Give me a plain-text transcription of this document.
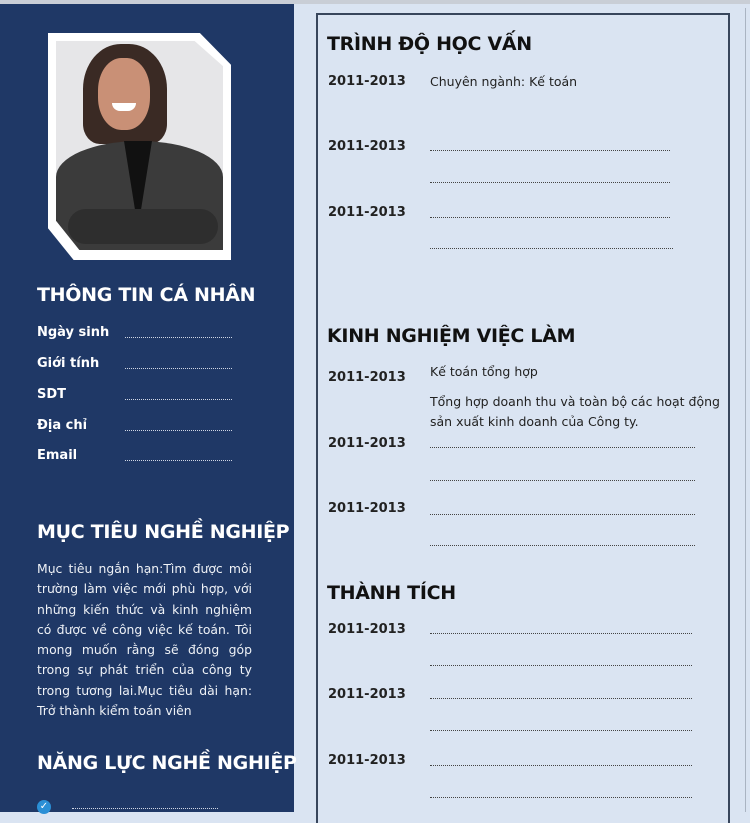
THÔNG TIN CÁ NHÂN
Ngày sinh
Giới tính
SDT
Địa chỉ
Email
MỤC TIÊU NGHỀ NGHIỆP
Mục tiêu ngắn hạn:Tìm được môi trường làm việc mới phù hợp, với những kiến thức và kinh nghiệm có được về công việc kế toán. Tôi mong muốn rằng sẽ đóng góp trong sự phát triển của công ty trong tương lai.Mục tiêu dài hạn: Trở thành kiểm toán viên
NĂNG LỰC NGHỀ NGHIỆP
✓
TRÌNH ĐỘ HỌC VẤN
2011-2013 Chuyên ngành: Kế toán
2011-2013
2011-2013
KINH NGHIỆM VIỆC LÀM
2011-2013 Kế toán tổng hợp
Tổng hợp doanh thu và toàn bộ các hoạt động
sản xuất kinh doanh của Công ty.
2011-2013
2011-2013
THÀNH TÍCH
2011-2013
2011-2013
2011-2013
